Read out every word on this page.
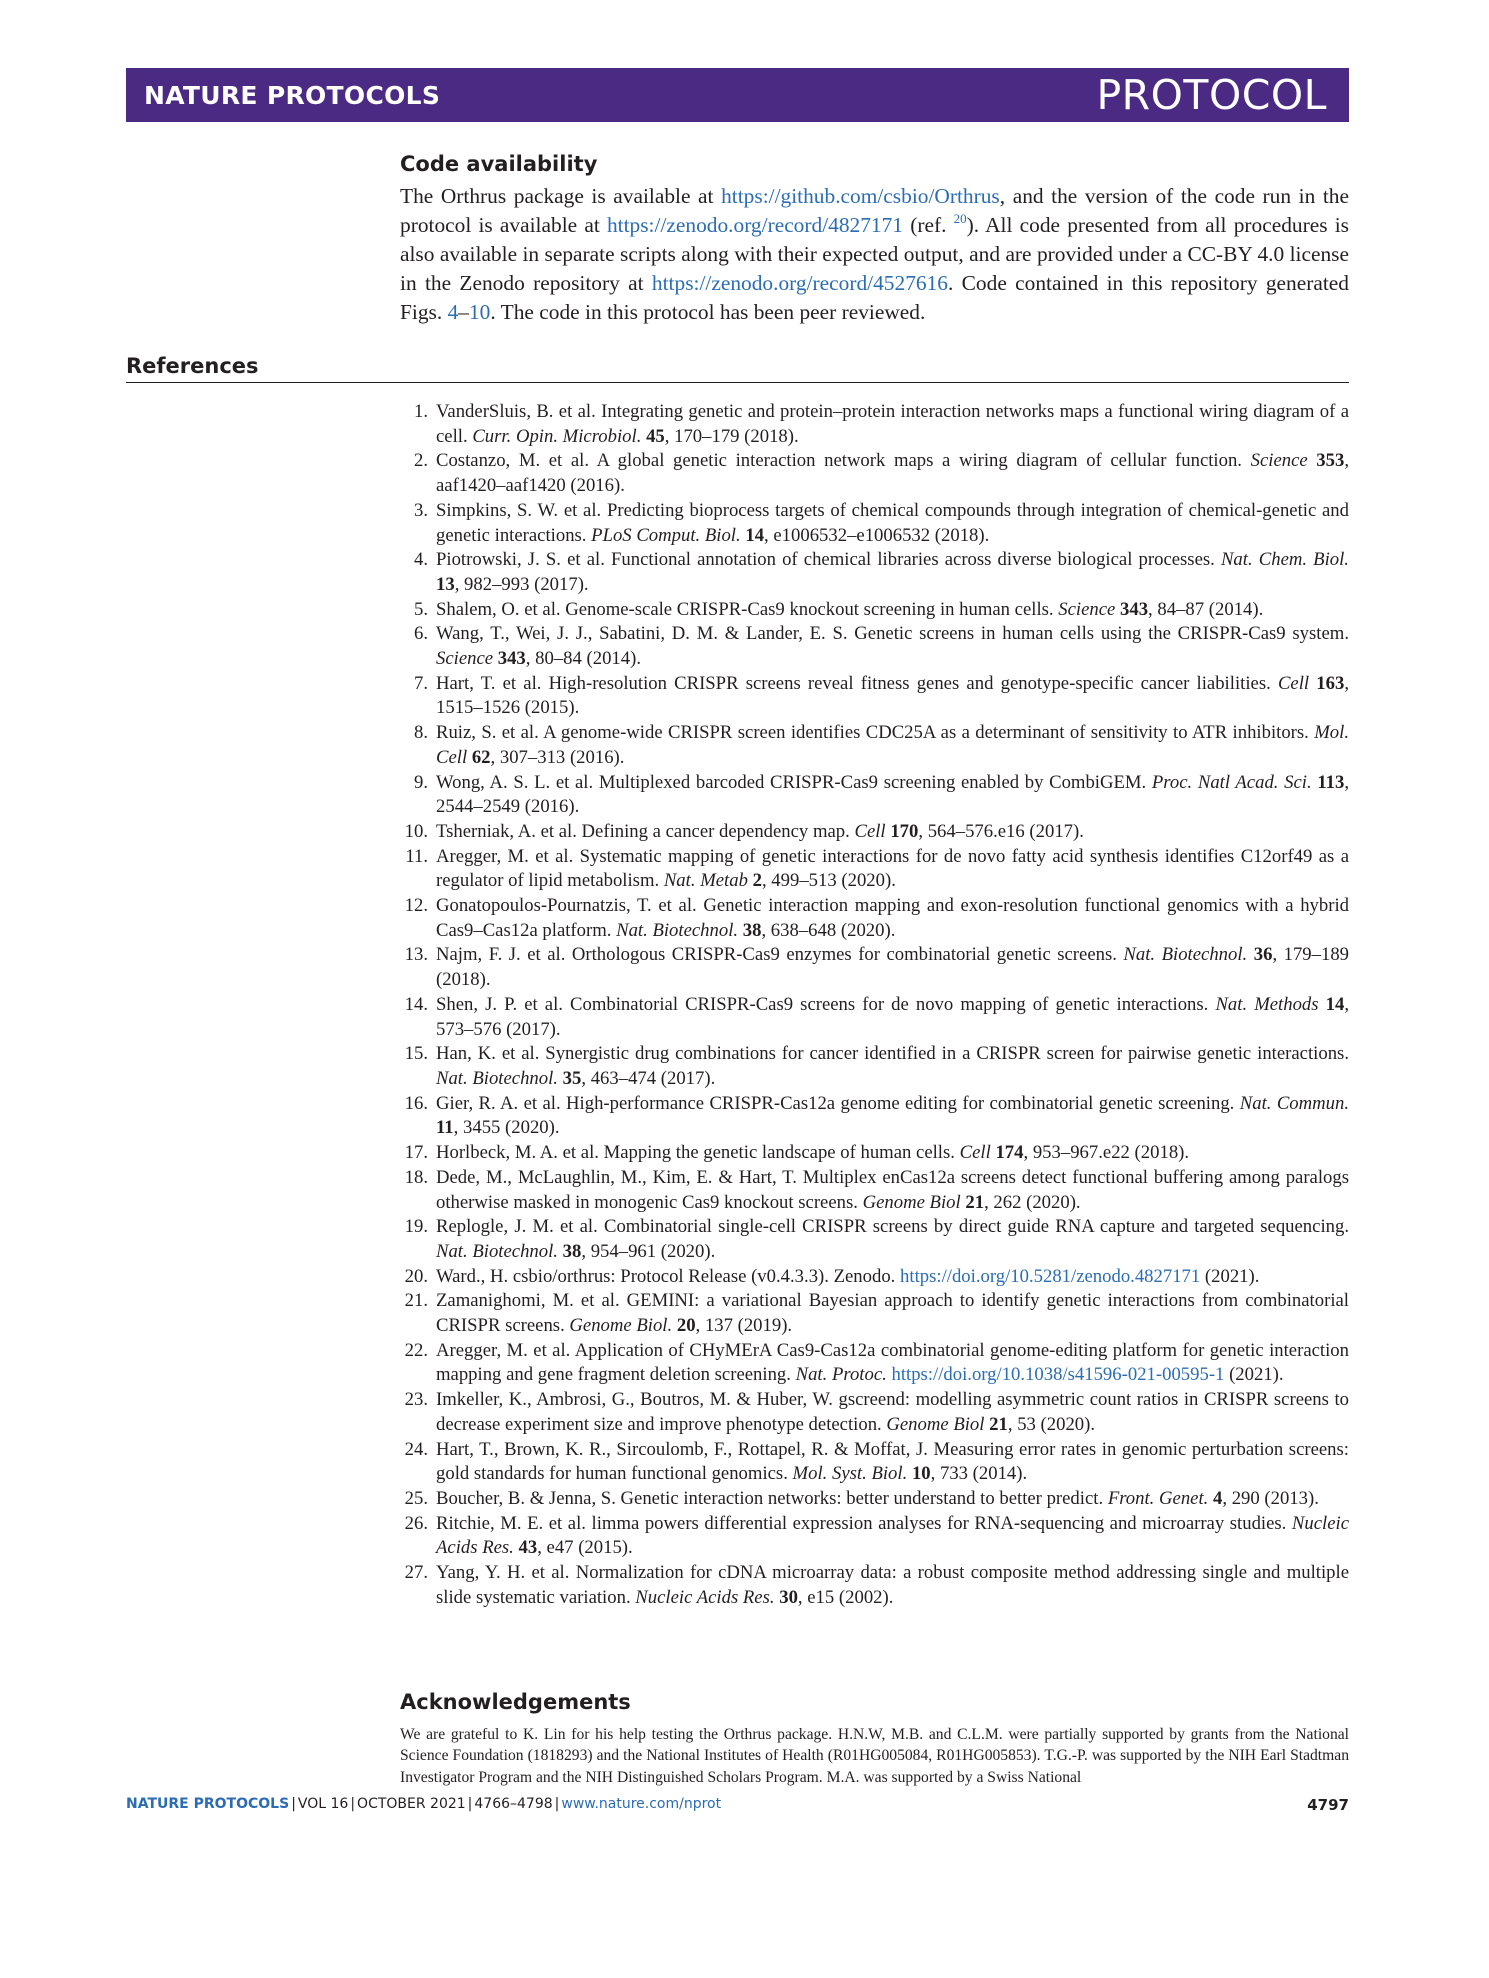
NATURE PROTOCOLS	PROTOCOL
Code availability

The Orthrus package is available at https://github.com/csbio/Orthrus, and the version of the code run in the protocol is available at https://zenodo.org/record/4827171 (ref. $^{20}$). All code presented from all procedures is also available in separate scripts along with their expected output, and are provided under a CC-BY 4.0 license in the Zenodo repository at https://zenodo.org/record/4527616. Code contained in this repository generated Figs. 4–10. The code in this protocol has been peer reviewed.

References
1. VanderSluis, B. et al. Integrating genetic and protein–protein interaction networks maps a functional wiring diagram of a cell. Curr. Opin. Microbiol. 45, 170–179 (2018).
2. Costanzo, M. et al. A global genetic interaction network maps a wiring diagram of cellular function. Science 353, aaf1420–aaf1420 (2016).
3. Simpkins, S. W. et al. Predicting bioprocess targets of chemical compounds through integration of chemical-genetic and genetic interactions. PLoS Comput. Biol. 14, e1006532–e1006532 (2018).
4. Piotrowski, J. S. et al. Functional annotation of chemical libraries across diverse biological processes. Nat. Chem. Biol. 13, 982–993 (2017).
5. Shalem, O. et al. Genome-scale CRISPR-Cas9 knockout screening in human cells. Science 343, 84–87 (2014).
6. Wang, T., Wei, J. J., Sabatini, D. M. & Lander, E. S. Genetic screens in human cells using the CRISPR-Cas9 system. Science 343, 80–84 (2014).
7. Hart, T. et al. High-resolution CRISPR screens reveal fitness genes and genotype-specific cancer liabilities. Cell 163, 1515–1526 (2015).
8. Ruiz, S. et al. A genome-wide CRISPR screen identifies CDC25A as a determinant of sensitivity to ATR inhibitors. Mol. Cell 62, 307–313 (2016).
9. Wong, A. S. L. et al. Multiplexed barcoded CRISPR-Cas9 screening enabled by CombiGEM. Proc. Natl Acad. Sci. 113, 2544–2549 (2016).
10. Tsherniak, A. et al. Defining a cancer dependency map. Cell 170, 564–576.e16 (2017).
11. Aregger, M. et al. Systematic mapping of genetic interactions for de novo fatty acid synthesis identifies C12orf49 as a regulator of lipid metabolism. Nat. Metab 2, 499–513 (2020).
12. Gonatopoulos-Pournatzis, T. et al. Genetic interaction mapping and exon-resolution functional genomics with a hybrid Cas9–Cas12a platform. Nat. Biotechnol. 38, 638–648 (2020).
13. Najm, F. J. et al. Orthologous CRISPR-Cas9 enzymes for combinatorial genetic screens. Nat. Biotechnol. 36, 179–189 (2018).
14. Shen, J. P. et al. Combinatorial CRISPR-Cas9 screens for de novo mapping of genetic interactions. Nat. Methods 14, 573–576 (2017).
15. Han, K. et al. Synergistic drug combinations for cancer identified in a CRISPR screen for pairwise genetic interactions. Nat. Biotechnol. 35, 463–474 (2017).
16. Gier, R. A. et al. High-performance CRISPR-Cas12a genome editing for combinatorial genetic screening. Nat. Commun. 11, 3455 (2020).
17. Horlbeck, M. A. et al. Mapping the genetic landscape of human cells. Cell 174, 953–967.e22 (2018).
18. Dede, M., McLaughlin, M., Kim, E. & Hart, T. Multiplex enCas12a screens detect functional buffering among paralogs otherwise masked in monogenic Cas9 knockout screens. Genome Biol 21, 262 (2020).
19. Replogle, J. M. et al. Combinatorial single-cell CRISPR screens by direct guide RNA capture and targeted sequencing. Nat. Biotechnol. 38, 954–961 (2020).
20. Ward., H. csbio/orthrus: Protocol Release (v0.4.3.3). Zenodo. https://doi.org/10.5281/zenodo.4827171 (2021).
21. Zamanighomi, M. et al. GEMINI: a variational Bayesian approach to identify genetic interactions from combinatorial CRISPR screens. Genome Biol. 20, 137 (2019).
22. Aregger, M. et al. Application of CHyMErA Cas9-Cas12a combinatorial genome-editing platform for genetic interaction mapping and gene fragment deletion screening. Nat. Protoc. https://doi.org/10.1038/s41596-021-00595-1 (2021).
23. Imkeller, K., Ambrosi, G., Boutros, M. & Huber, W. gscreend: modelling asymmetric count ratios in CRISPR screens to decrease experiment size and improve phenotype detection. Genome Biol 21, 53 (2020).
24. Hart, T., Brown, K. R., Sircoulomb, F., Rottapel, R. & Moffat, J. Measuring error rates in genomic perturbation screens: gold standards for human functional genomics. Mol. Syst. Biol. 10, 733 (2014).
25. Boucher, B. & Jenna, S. Genetic interaction networks: better understand to better predict. Front. Genet. 4, 290 (2013).
26. Ritchie, M. E. et al. limma powers differential expression analyses for RNA-sequencing and microarray studies. Nucleic Acids Res. 43, e47 (2015).
27. Yang, Y. H. et al. Normalization for cDNA microarray data: a robust composite method addressing single and multiple slide systematic variation. Nucleic Acids Res. 30, e15 (2002).
Acknowledgements

We are grateful to K. Lin for his help testing the Orthrus package. H.N.W, M.B. and C.L.M. were partially supported by grants from the National Science Foundation (1818293) and the National Institutes of Health (R01HG005084, R01HG005853). T.G.-P. was supported by the NIH Earl Stadtman Investigator Program and the NIH Distinguished Scholars Program. M.A. was supported by a Swiss National

NATURE PROTOCOLS | VOL 16 | OCTOBER 2021 | 4766–4798 | www.nature.com/nprot	4797
